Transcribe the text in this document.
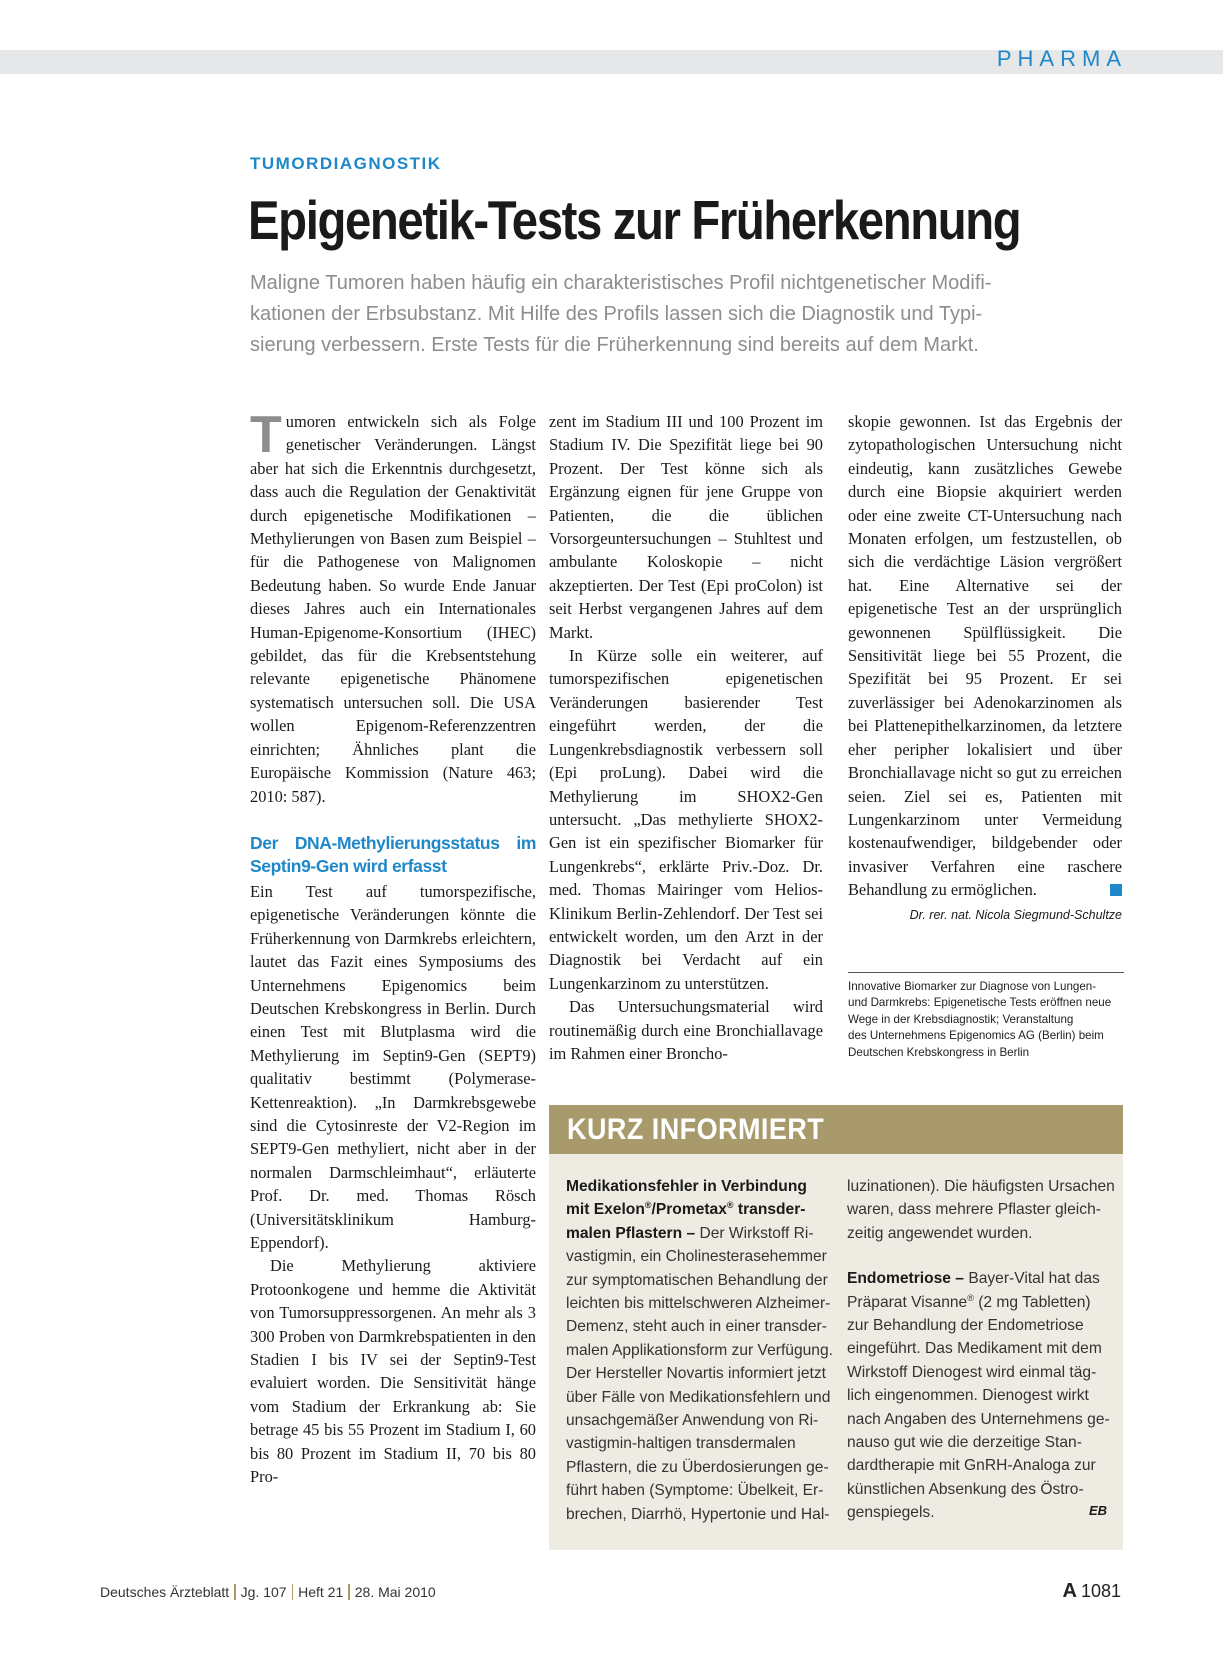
PHARMA
TUMORDIAGNOSTIK
Epigenetik-Tests zur Früherkennung
Maligne Tumoren haben häufig ein charakteristisches Profil nichtgenetischer Modifi-
kationen der Erbsubstanz. Mit Hilfe des Profils lassen sich die Diagnostik und Typi-
sierung verbessern. Erste Tests für die Früherkennung sind bereits auf dem Markt.

Tumoren entwickeln sich als Folge genetischer Veränderungen. Längst aber hat sich die Erkenntnis durchgesetzt, dass auch die Regulation der Genaktivität durch epigenetische Modifikationen – Methylierungen von Basen zum Beispiel – für die Pathogenese von Malignomen Bedeutung haben. So wurde Ende Januar dieses Jahres auch ein Internationales Human-Epigenome-Konsortium (IHEC) gebildet, das für die Krebsentstehung relevante epigenetische Phänomene systematisch untersuchen soll. Die USA wollen Epigenom-Referenzzentren einrichten; Ähnliches plant die Europäische Kommission (Nature 463; 2010: 587).

Der DNA-Methylierungsstatus im Septin9-Gen wird erfasst

Ein Test auf tumorspezifische, epigenetische Veränderungen könnte die Früherkennung von Darmkrebs erleichtern, lautet das Fazit eines Symposiums des Unternehmens Epigenomics beim Deutschen Krebskongress in Berlin. Durch einen Test mit Blutplasma wird die Methylierung im Septin9-Gen (SEPT9) qualitativ bestimmt (Polymerase-Kettenreaktion). „In Darmkrebsgewebe sind die Cytosinreste der V2-Region im SEPT9-Gen methyliert, nicht aber in der normalen Darmschleimhaut“, erläuterte Prof. Dr. med. Thomas Rösch (Universitätsklinikum Hamburg-Eppendorf).

Die Methylierung aktiviere Protoonkogene und hemme die Aktivität von Tumorsuppressorgenen. An mehr als 3 300 Proben von Darmkrebspatienten in den Stadien I bis IV sei der Septin9-Test evaluiert worden. Die Sensitivität hänge vom Stadium der Erkrankung ab: Sie betrage 45 bis 55 Prozent im Stadium I, 60 bis 80 Prozent im Stadium II, 70 bis 80 Pro-

zent im Stadium III und 100 Prozent im Stadium IV. Die Spezifität liege bei 90 Prozent. Der Test könne sich als Ergänzung eignen für jene Gruppe von Patienten, die die üblichen Vorsorgeuntersuchungen – Stuhltest und ambulante Koloskopie – nicht akzeptierten. Der Test (Epi proColon) ist seit Herbst vergangenen Jahres auf dem Markt.

In Kürze solle ein weiterer, auf tumorspezifischen epigenetischen Veränderungen basierender Test eingeführt werden, der die Lungenkrebsdiagnostik verbessern soll (Epi proLung). Dabei wird die Methylierung im SHOX2-Gen untersucht. „Das methylierte SHOX2-Gen ist ein spezifischer Biomarker für Lungenkrebs“, erklärte Priv.-Doz. Dr. med. Thomas Mairinger vom Helios-Klinikum Berlin-Zehlendorf. Der Test sei entwickelt worden, um den Arzt in der Diagnostik bei Verdacht auf ein Lungenkarzinom zu unterstützen.

Das Untersuchungsmaterial wird routinemäßig durch eine Bronchiallavage im Rahmen einer Broncho-

skopie gewonnen. Ist das Ergebnis der zytopathologischen Untersuchung nicht eindeutig, kann zusätzliches Gewebe durch eine Biopsie akquiriert werden oder eine zweite CT-Untersuchung nach Monaten erfolgen, um festzustellen, ob sich die verdächtige Läsion vergrößert hat. Eine Alternative sei der epigenetische Test an der ursprünglich gewonnenen Spülflüssigkeit. Die Sensitivität liege bei 55 Prozent, die Spezifität bei 95 Prozent. Er sei zuverlässiger bei Adenokarzinomen als bei Plattenepithelkarzinomen, da letztere eher peripher lokalisiert und über Bronchiallavage nicht so gut zu erreichen seien. Ziel sei es, Patienten mit Lungenkarzinom unter Vermeidung kostenaufwendiger, bildgebender oder invasiver Verfahren eine raschere Behandlung zu ermöglichen.

Dr. rer. nat. Nicola Siegmund-Schultze
Innovative Biomarker zur Diagnose von Lungen-
und Darmkrebs: Epigenetische Tests eröffnen neue
Wege in der Krebsdiagnostik; Veranstaltung
des Unternehmens Epigenomics AG (Berlin) beim
Deutschen Krebskongress in Berlin
KURZ INFORMIERT
Medikationsfehler in Verbindung
mit Exelon®/Prometax® transder-
malen Pflastern – Der Wirkstoff Ri-
vastigmin, ein Cholinesterasehemmer
zur symptomatischen Behandlung der
leichten bis mittelschweren Alzheimer-
Demenz, steht auch in einer transder-
malen Applikationsform zur Verfügung.
Der Hersteller Novartis informiert jetzt
über Fälle von Medikationsfehlern und
unsachgemäßer Anwendung von Ri-
vastigmin-haltigen transdermalen
Pflastern, die zu Überdosierungen ge-
führt haben (Symptome: Übelkeit, Er-
brechen, Diarrhö, Hypertonie und Hal-
luzinationen). Die häufigsten Ursachen
waren, dass mehrere Pflaster gleich-
zeitig angewendet wurden.
Endometriose – Bayer-Vital hat das
Präparat Visanne® (2 mg Tabletten)
zur Behandlung der Endometriose
eingeführt. Das Medikament mit dem
Wirkstoff Dienogest wird einmal täg-
lich eingenommen. Dienogest wirkt
nach Angaben des Unternehmens ge-
nauso gut wie die derzeitige Stan-
dardtherapie mit GnRH-Analoga zur
künstlichen Absenkung des Östro-
genspiegels.	EB
Deutsches Ärzteblatt Jg. 107 Heft 21 28. Mai 2010	A 1081
